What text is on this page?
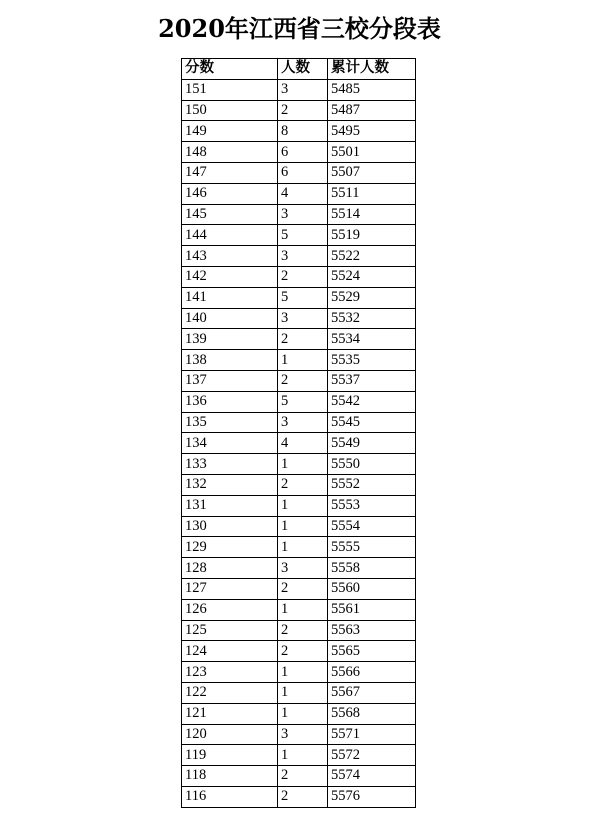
2020年江西省三校分段表
分数	人数	累计人数
151	3	5485
150	2	5487
149	8	5495
148	6	5501
147	6	5507
146	4	5511
145	3	5514
144	5	5519
143	3	5522
142	2	5524
141	5	5529
140	3	5532
139	2	5534
138	1	5535
137	2	5537
136	5	5542
135	3	5545
134	4	5549
133	1	5550
132	2	5552
131	1	5553
130	1	5554
129	1	5555
128	3	5558
127	2	5560
126	1	5561
125	2	5563
124	2	5565
123	1	5566
122	1	5567
121	1	5568
120	3	5571
119	1	5572
118	2	5574
116	2	5576
